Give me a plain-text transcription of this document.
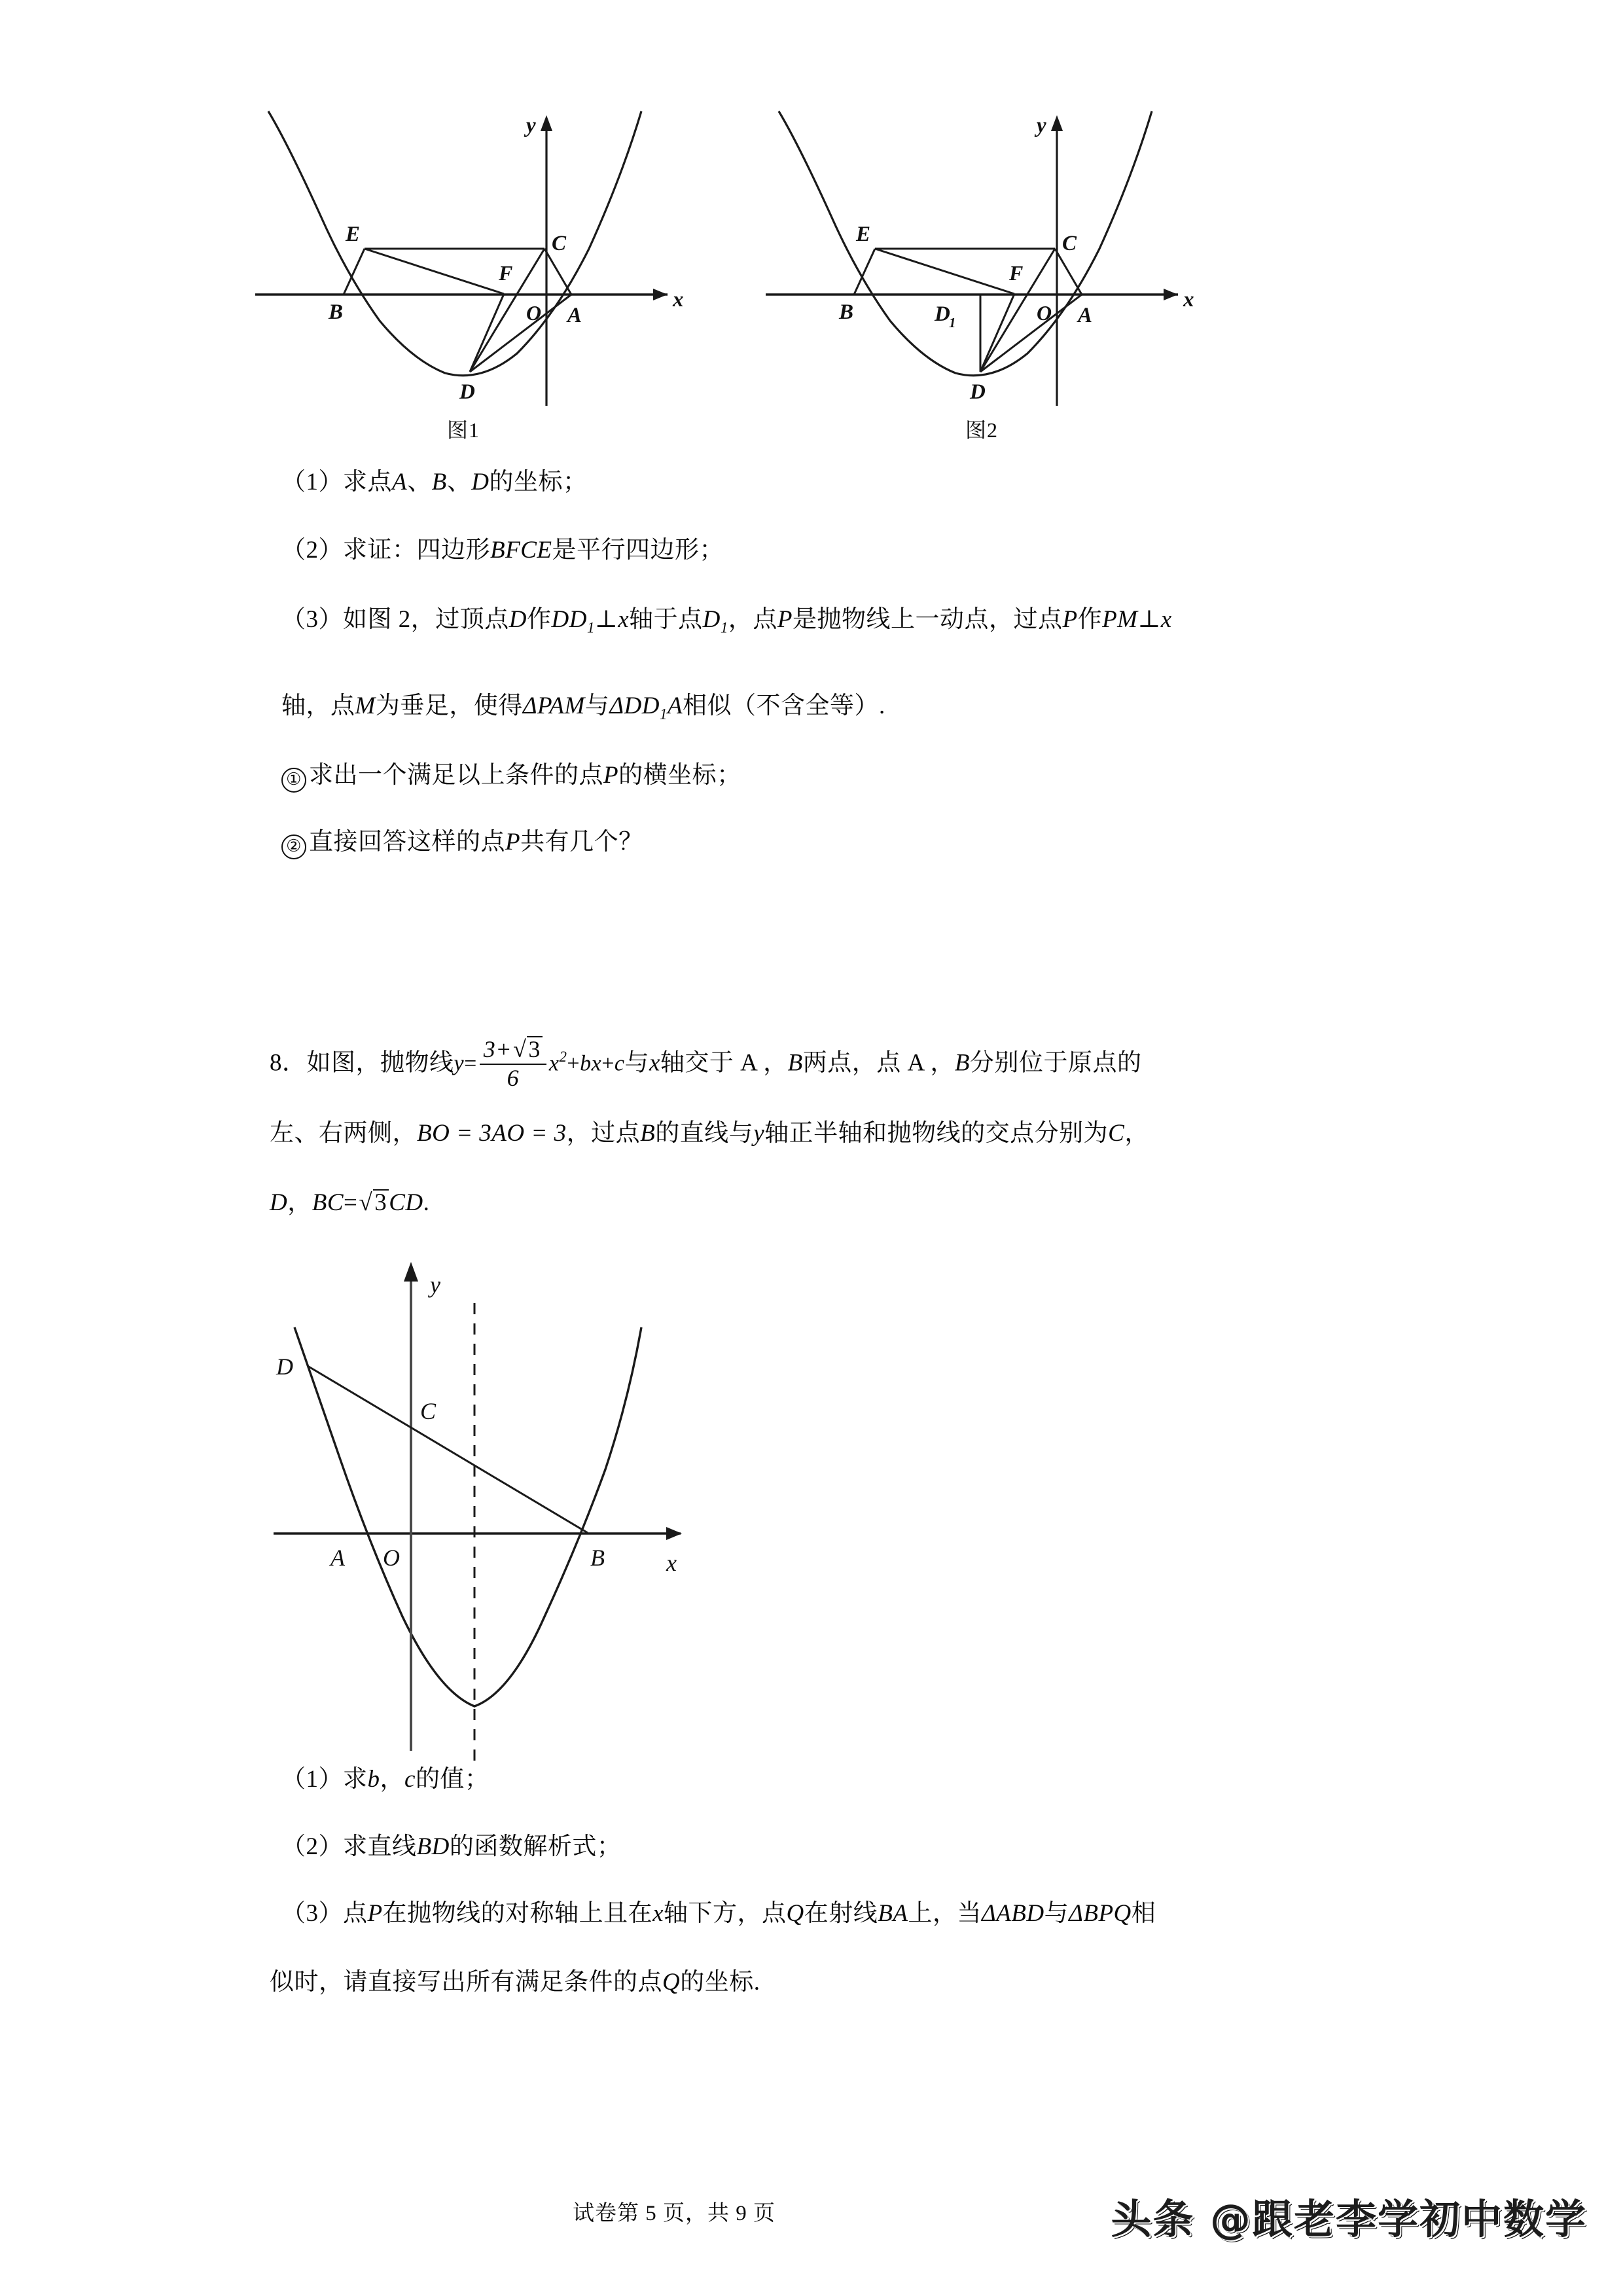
E	C
F
B	O A
D
y
x
图1
E	C
F
B	D
1	O A
D
y
x
图2
（1）求点A、B、D的坐标；
（2）求证：四边形BFCE是平行四边形；
（3）如图 2，过顶点D作$DD_1\perp x$轴于点$D_1$，点P是抛物线上一动点，过点P作PM⊥x
轴，点M为垂足，使得ΔPAM与$\Delta DD_1A$相似（不含全等）.
① 求出一个满足以上条件的点P的横坐标；
② 直接回答这样的点P共有几个？
8．如图，抛物线$y= \frac{3+√3}{6} x^2+bx+c$与x轴交于 A ，B两点，点 A ，B分别位于原点的
左、右两侧，BO = 3AO = 3，过点B的直线与y轴正半轴和抛物线的交点分别为C，
D，BC=√3CD.
D
C
A O	B
y
x
（1）求b，c的值；
（2）求直线BD的函数解析式；
（3）点P在抛物线的对称轴上且在x轴下方，点Q在射线BA上，当ΔABD与ΔBPQ相
似时，请直接写出所有满足条件的点Q的坐标.
试卷第 5 页，共 9 页	头条 @跟老李学初中数学
